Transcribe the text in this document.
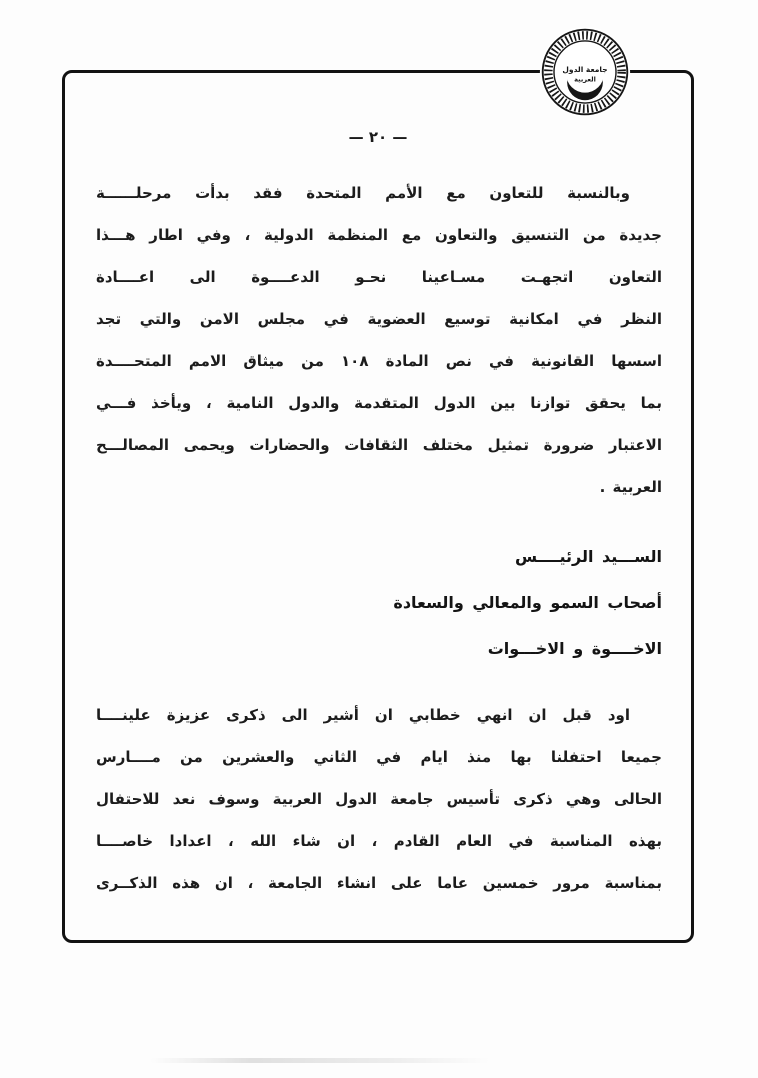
جامعة الدول
العربية
— ٢٠ —
وبالنسبة للتعاون مع الأمم المتحدة فقد بدأت مرحلــــــة
جديدة من التنسيق والتعاون مع المنظمة الدولية ، وفي اطار هـــذا
التعاون اتجهـت مسـاعينا نحـو الدعــــوة الى اعــــادة
النظر في امكانية توسيع العضوية في مجلس الامن والتي تجد
اسسها القانونية في نص المادة ١٠٨ من ميثاق الامم المتحــــدة
بما يحقق توازنا بين الدول المتقدمة والدول النامية ، ويأخذ فـــي
الاعتبار ضرورة تمثيل مختلف الثقافات والحضارات ويحمى المصالـــح
العربية .
الســـيد الرئيــــس
أصحاب السمو والمعالي والسعادة
الاخــــوة و الاخـــوات
اود قبل ان انهي خطابي ان أشير الى ذكرى عزيزة علينــــا
جميعا احتفلنا بها منذ ايام في الثاني والعشرين من مــــارس
الحالى وهي ذكرى تأسيس جامعة الدول العربية وسوف نعد للاحتفال
بهذه المناسبة في العام القادم ، ان شاء الله ، اعدادا خاصــــا
بمناسبة مرور خمسين عاما على انشاء الجامعة ، ان هذه الذكــرى
